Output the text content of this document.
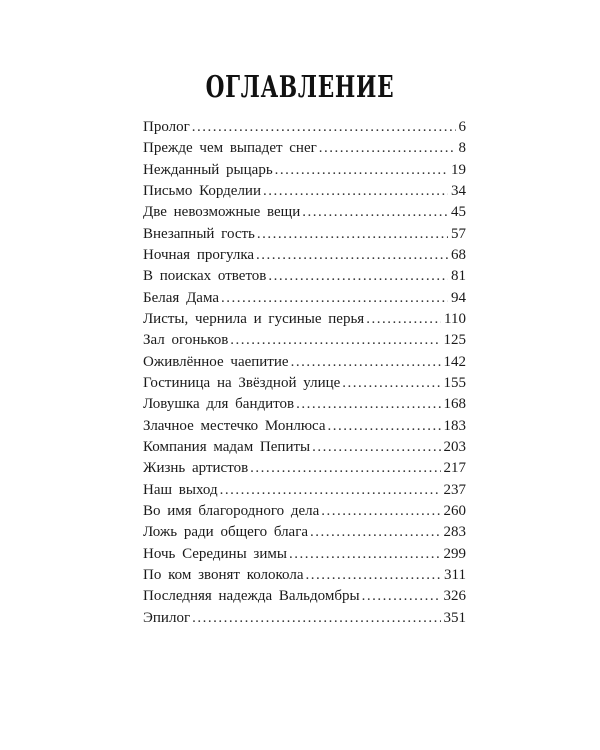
ОГЛАВЛЕНИЕ
Пролог .....	6
Прежде чем выпадет снег .....	8
Нежданный рыцарь .....	19
Письмо Корделии .....	34
Две невозможные вещи .....	45
Внезапный гость .....	57
Ночная прогулка .....	68
В поисках ответов .....	81
Белая Дама .....	94
Листы, чернила и гусиные перья .....	110
Зал огоньков .....	125
Оживлённое чаепитие .....	142
Гостиница на Звёздной улице .....	155
Ловушка для бандитов .....	168
Злачное местечко Монлюса .....	183
Компания мадам Пепиты .....	203
Жизнь артистов .....	217
Наш выход .....	237
Во имя благородного дела .....	260
Ложь ради общего блага .....	283
Ночь Середины зимы .....	299
По ком звонят колокола .....	311
Последняя надежда Вальдомбры .....	326
Эпилог .....	351
